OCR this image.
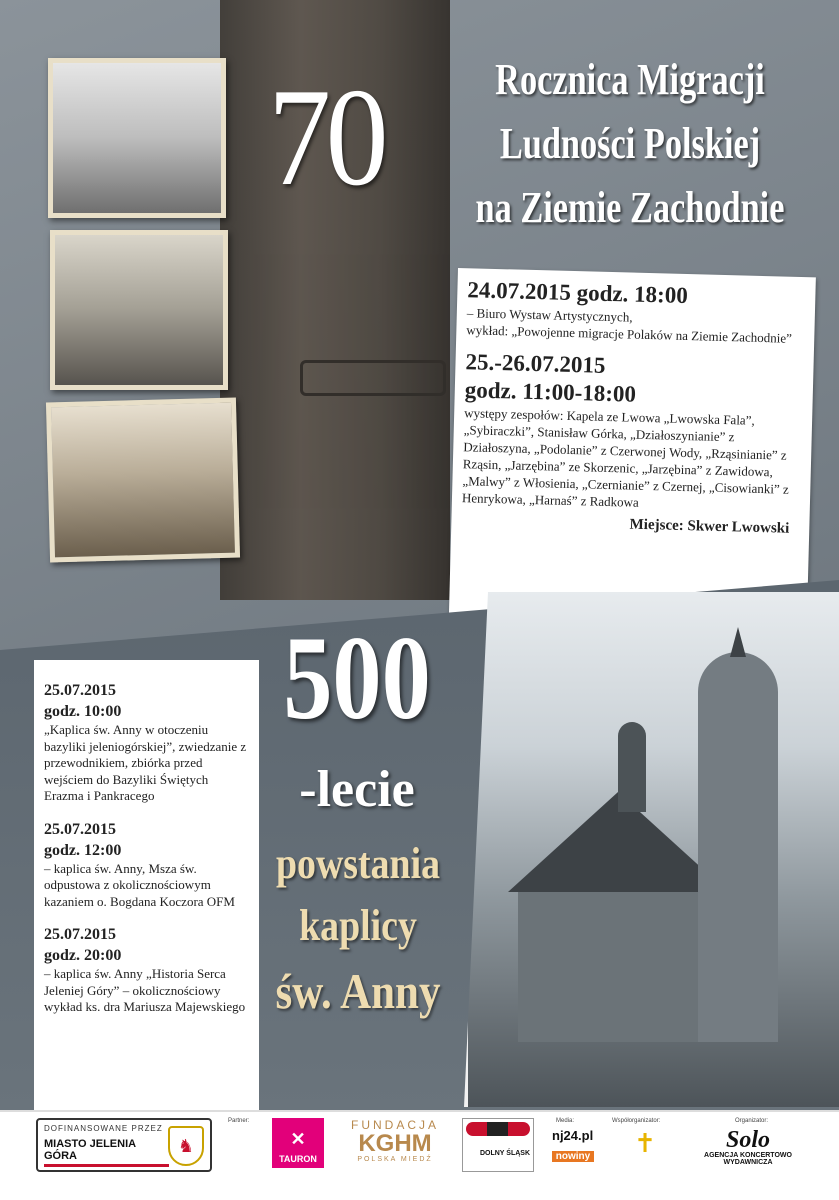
70	Rocznica Migracji
Ludności Polskiej
na Ziemie Zachodnie
24.07.2015 godz. 18:00
– Biuro Wystaw Artystycznych,
wykład: „Powojenne migracje Polaków na Ziemie Zachodnie”
25.-26.07.2015
godz. 11:00-18:00
występy zespołów: Kapela ze Lwowa „Lwowska Fala”, „Sybiraczki”, Stanisław Górka, „Działoszynianie” z Działoszyna, „Podolanie” z Czerwonej Wody, „Rząsinianie” z Rząsin, „Jarzębina” ze Skorzenic, „Jarzębina” z Zawidowa, „Malwy” z Włosienia, „Czernianie” z Czernej, „Cisowianki” z Henrykowa, „Harnaś” z Radkowa
Miejsce: Skwer Lwowski
25.07.2015
godz. 10:00
„Kaplica św. Anny w otoczeniu bazyliki jeleniogórskiej”, zwiedzanie z przewodnikiem, zbiórka przed wejściem do Bazyliki Świętych Erazma i Pankracego
25.07.2015
godz. 12:00
– kaplica św. Anny, Msza św. odpustowa z okolicznościowym kazaniem o. Bogdana Koczora OFM
25.07.2015
godz. 20:00
– kaplica św. Anny „Historia Serca Jeleniej Góry” – okolicznościowy wykład ks. dra Mariusza Majewskiego
500
-lecie
powstania
kaplicy
św. Anny
DOFINANSOWANE PRZEZ
MIASTO JELENIA GÓRA
♞
Partner:
✕
TAURON
FUNDACJA
KGHM
POLSKA MIEDŹ
DOLNY ŚLĄSK
Media:
nj24.pl
nowiny
Współorganizator:
✝
Organizator:
Solo
AGENCJA KONCERTOWO WYDAWNICZA
